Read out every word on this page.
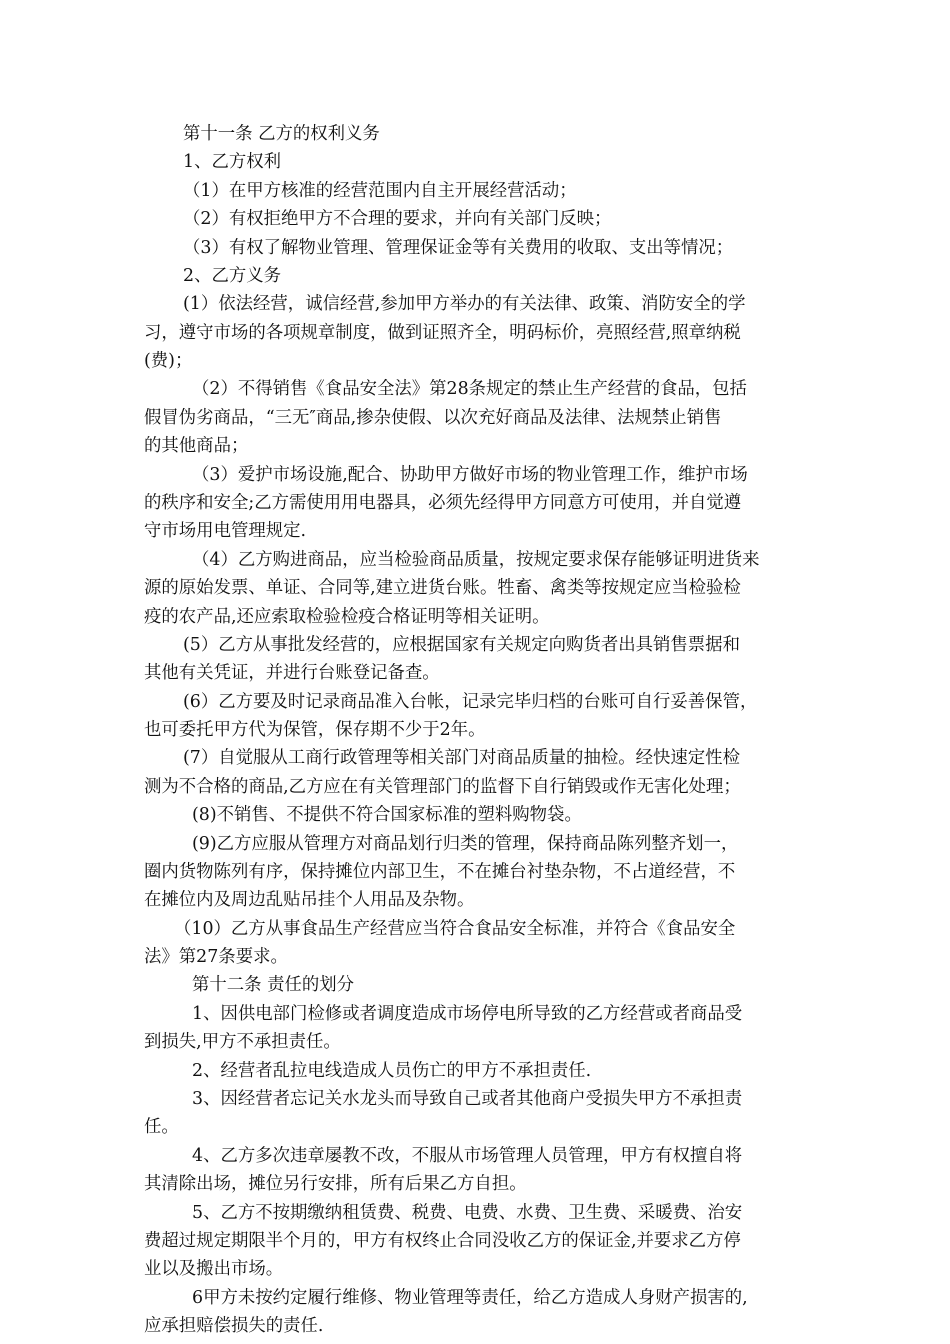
第十一条 乙方的权利义务
1、乙方权利
（1）在甲方核准的经营范围内自主开展经营活动；
（2）有权拒绝甲方不合理的要求，并向有关部门反映；
（3）有权了解物业管理、管理保证金等有关费用的收取、支出等情况；
2、乙方义务
(1）依法经营，诚信经营,参加甲方举办的有关法律、政策、消防安全的学
习，遵守市场的各项规章制度，做到证照齐全，明码标价，亮照经营,照章纳税
(费)；
（2）不得销售《食品安全法》第28条规定的禁止生产经营的食品，包括
假冒伪劣商品，“三无″商品,掺杂使假、以次充好商品及法律、法规禁止销售
的其他商品；
（3）爱护市场设施,配合、协助甲方做好市场的物业管理工作，维护市场
的秩序和安全;乙方需使用用电器具，必须先经得甲方同意方可使用，并自觉遵
守市场用电管理规定.
（4）乙方购进商品，应当检验商品质量，按规定要求保存能够证明进货来
源的原始发票、单证、合同等,建立进货台账。牲畜、禽类等按规定应当检验检
疫的农产品,还应索取检验检疫合格证明等相关证明。
(5）乙方从事批发经营的，应根据国家有关规定向购货者出具销售票据和
其他有关凭证，并进行台账登记备查。
(6）乙方要及时记录商品准入台帐，记录完毕归档的台账可自行妥善保管，
也可委托甲方代为保管，保存期不少于2年。
(7）自觉服从工商行政管理等相关部门对商品质量的抽检。经快速定性检
测为不合格的商品,乙方应在有关管理部门的监督下自行销毁或作无害化处理；
(8)不销售、不提供不符合国家标准的塑料购物袋。
(9)乙方应服从管理方对商品划行归类的管理，保持商品陈列整齐划一，
圈内货物陈列有序，保持摊位内部卫生，不在摊台衬垫杂物，不占道经营，不
在摊位内及周边乱贴吊挂个人用品及杂物。
（10）乙方从事食品生产经营应当符合食品安全标准，并符合《食品安全
法》第27条要求。
第十二条 责任的划分
1、因供电部门检修或者调度造成市场停电所导致的乙方经营或者商品受
到损失,甲方不承担责任。
2、经营者乱拉电线造成人员伤亡的甲方不承担责任.
3、因经营者忘记关水龙头而导致自己或者其他商户受损失甲方不承担责
任。
4、乙方多次违章屡教不改，不服从市场管理人员管理，甲方有权擅自将
其清除出场，摊位另行安排，所有后果乙方自担。
5、乙方不按期缴纳租赁费、税费、电费、水费、卫生费、采暖费、治安
费超过规定期限半个月的，甲方有权终止合同没收乙方的保证金,并要求乙方停
业以及搬出市场。
6甲方未按约定履行维修、物业管理等责任，给乙方造成人身财产损害的,
应承担赔偿损失的责任.
